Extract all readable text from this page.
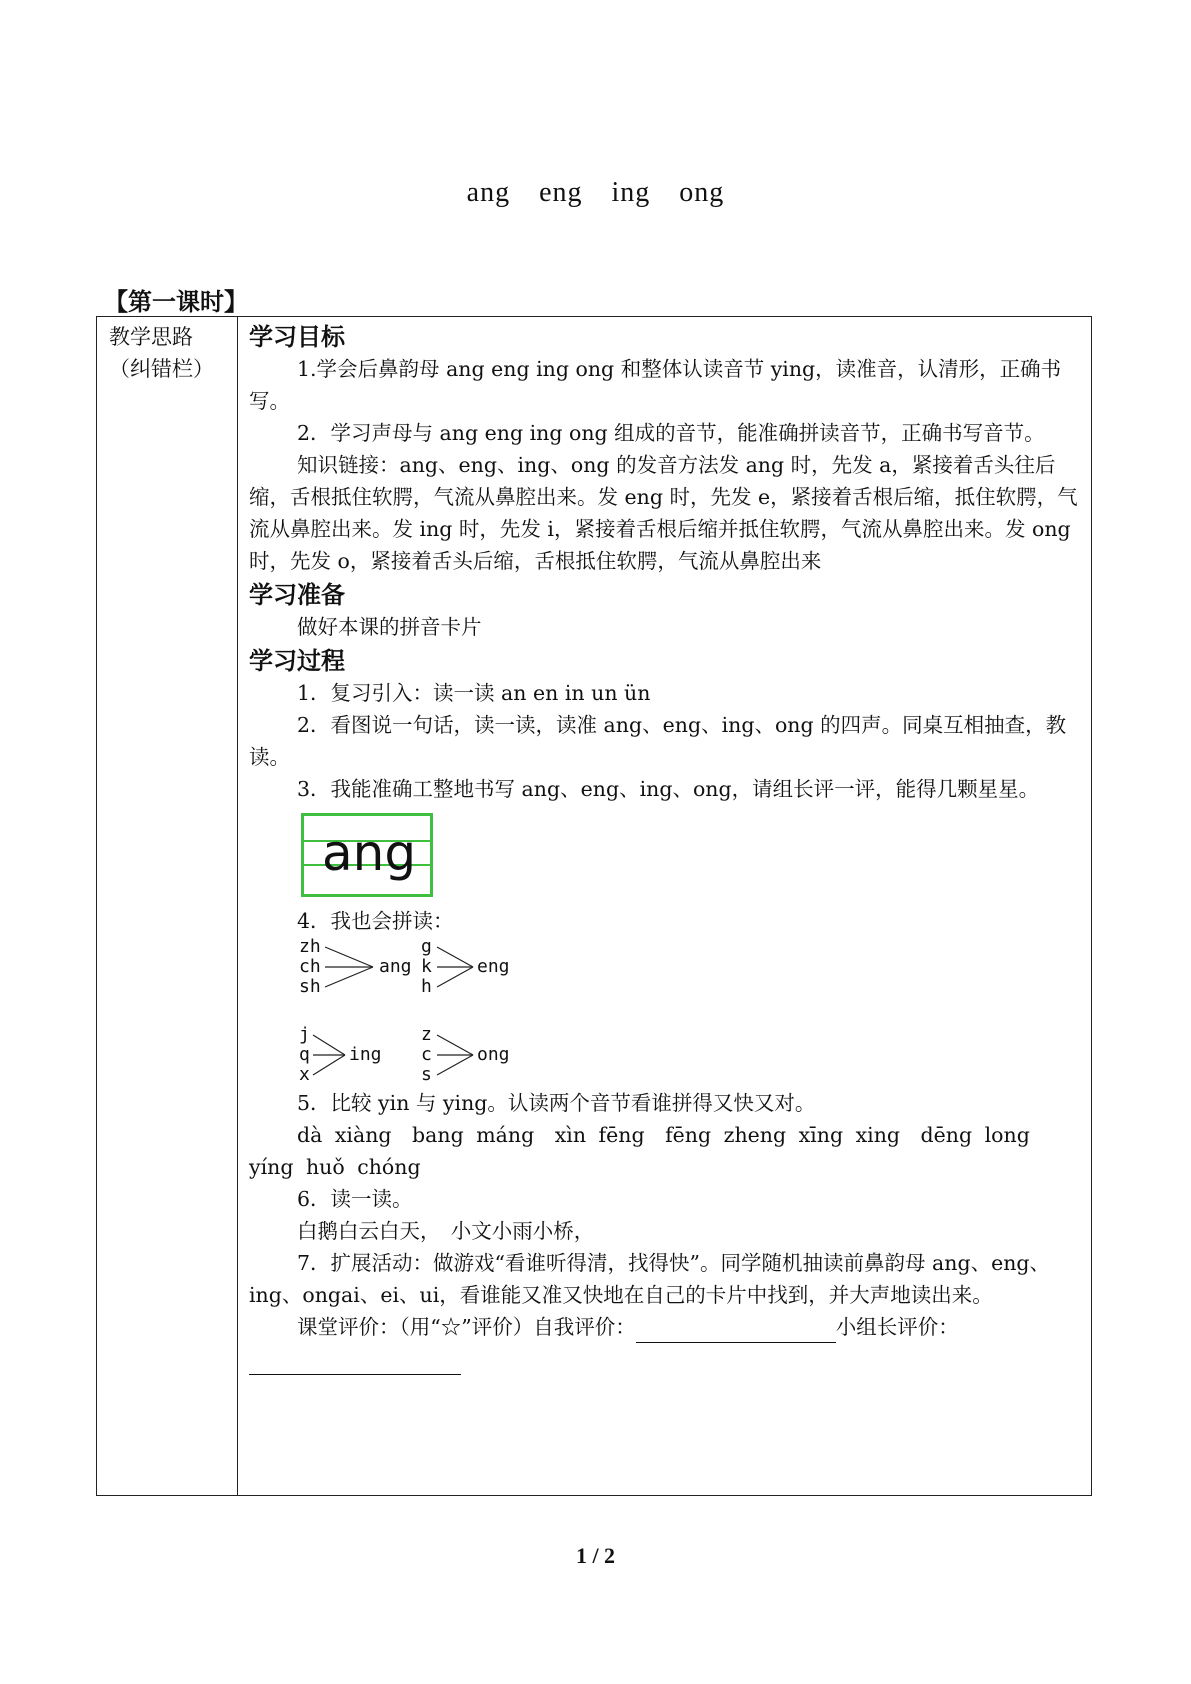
ang　eng　ing　ong
【第一课时】
教学思路（纠错栏）
学习目标

1.学会后鼻韵母 ang eng ing ong 和整体认读音节 ying，读准音，认清形，正确书写。

2．学习声母与 ang eng ing ong 组成的音节，能准确拼读音节，正确书写音节。

知识链接：ang、eng、ing、ong 的发音方法发 ang 时，先发 a，紧接着舌头往后缩，舌根抵住软腭，气流从鼻腔出来。发 eng 时，先发 e，紧接着舌根后缩，抵住软腭，气流从鼻腔出来。发 ing 时，先发 i，紧接着舌根后缩并抵住软腭，气流从鼻腔出来。发 ong 时，先发 o，紧接着舌头后缩，舌根抵住软腭，气流从鼻腔出来

学习准备

做好本课的拼音卡片

学习过程

1．复习引入：读一读 an en in un ün

2．看图说一句话，读一读，读准 ang、eng、ing、ong 的四声。同桌互相抽查，教读。

3．我能准确工整地书写 ang、eng、ing、ong，请组长评一评，能得几颗星星。

ang

4．我也会拼读：

zh
ch
sh
ang
g
k
h
eng
j
q
x
ing
z
c
s
ong

5．比较 yin 与 ying。认读两个音节看谁拼得又快又对。

dà xiàng　bang máng　xìn fēng　fēng zheng xīng xing　dēng long　yíng huǒ chóng

6．读一读。

白鹅白云白天，　小文小雨小桥，

7．扩展活动：做游戏“看谁听得清，找得快”。同学随机抽读前鼻韵母 ang、eng、ing、ongai、ei、ui，看谁能又准又快地在自己的卡片中找到，并大声地读出来。

课堂评价：（用“☆”评价）自我评价：	小组长评价：

1 / 2
